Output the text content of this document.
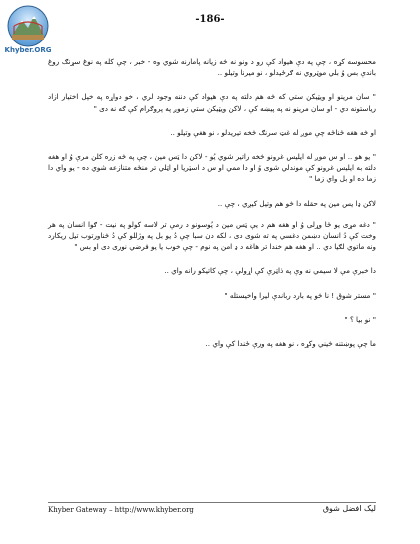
Khyber.ORG
-186-

محسوسه کړه ، چې په دې هيواد کې رو د ونو نه څه زيانه پامارنه شوي وه - خبر ، چې کله په نوغ سړنګ روغ باندې بس وُ بلي موټروي نه ګرځيدلو ، نو ميرنا وتيلو ..

" سان مرينو او ويټيکن ستي که څه هم دلته په دې هيواد کې دننه وجود لري ، خو دواړه په خپل اختيار ازاد رياستونه دي - او سان مرينو نه په پيښه کې ، لاکن ويټيکن ستي زموږ په پروګرام کې ګه نه دی "

او څه هغه ځناځه چې موږ له غټ سرنګ څخه تيريدلو ، نو هغې وتيلو ..

" يو هو .. او س موږ له ايليس غرونو څخه راتير شوي يُو - لاکن دا ټس مين ، چې په څه زره کلن مرې وُ او هغه دلته به ايليس غرونو کې موندلي شوی وُ او دا ممي او س د اسټريا او اټلي تر منځه متنازعه شوي ده - يو واي دا زما ده او بل واي زما "

لاکن ډا يس مين په حقله دا څو هم وتيل کيږي ، چې ..

" دغه مړی يو ځا وړلی وُ او هغه هم د يې ټس مين د يُوسونو د رمې تر لاسه کولو په نيت - ګوا انسان په هر وخت کې دُ انسان دښمن دغسي په ته شوی دی ، لکه دن سبا چې دُ يو بل په وژللو کې دُ څناورتوب تيل ريکارد ونه ماتوي لګيا دي .. او هغه هم خندا تر هاغه د ډ امن په نوم - چې خوب يا يو فرضي نوری دی او بس "

دا خبرې مې لا سيمي نه وې په ذاټرې کې اړولې ، چې کاتيکو رانه واي ..

" مستر شوق ! نا څو په بارد رباندې ليرا واخيستله "

" نو بيا ؟ "

ما چې پوښتنه څيني وکړه ، نو هغه په ورې ځندا کې واي ..

Khyber Gateway – http://www.khyber.org	ليک افضل شوق
